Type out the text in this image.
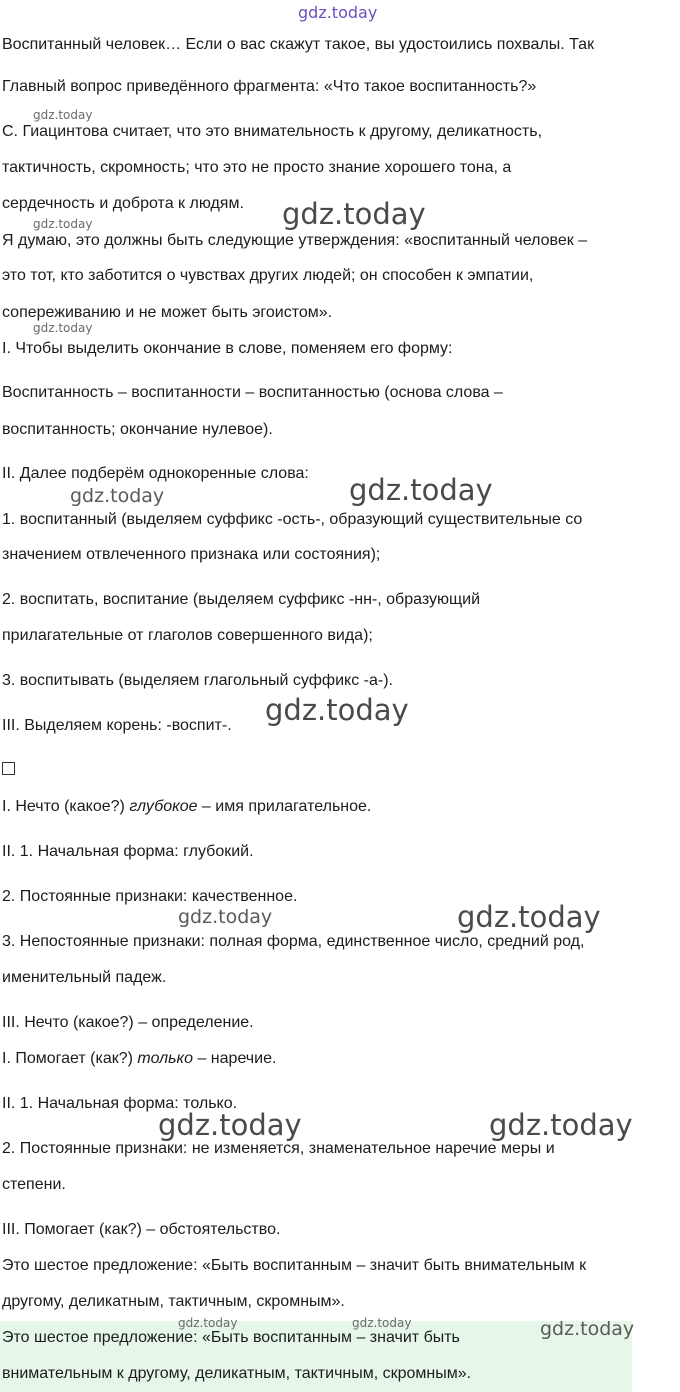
gdz.today
Воспитанный человек… Если о вас скажут такое, вы удостоились похвалы. Так
Главный вопрос приведённого фрагмента: «Что такое воспитанность?»
gdz.today
С. Гиацинтова считает, что это внимательность к другому, деликатность,
тактичность, скромность; что это не просто знание хорошего тона, а
сердечность и доброта к людям. gdz.today
gdz.today
Я думаю, это должны быть следующие утверждения: «воспитанный человек –
это тот, кто заботится о чувствах других людей; он способен к эмпатии,
сопереживанию и не может быть эгоистом».
gdz.today
I. Чтобы выделить окончание в слове, поменяем его форму:
Воспитанность – воспитанности – воспитанностью (основа слова –
воспитанность; окончание нулевое).
II. Далее подберём однокоренные слова:
gdz.today	gdz.today
1. воспитанный (выделяем суффикс -ость-, образующий существительные со
значением отвлеченного признака или состояния);
2. воспитать, воспитание (выделяем суффикс -нн-, образующий
прилагательные от глаголов совершенного вида);
3. воспитывать (выделяем глагольный суффикс -а-).
III. Выделяем корень: -воспит-. gdz.today
I. Нечто (какое?) глубокое – имя прилагательное.
II. 1. Начальная форма: глубокий.
2. Постоянные признаки: качественное.
gdz.today	gdz.today
3. Непостоянные признаки: полная форма, единственное число, средний род,
именительный падеж.
III. Нечто (какое?) – определение.
I. Помогает (как?) только – наречие.
II. 1. Начальная форма: только.
gdz.today	gdz.today
2. Постоянные признаки: не изменяется, знаменательное наречие меры и
степени.
III. Помогает (как?) – обстоятельство.
Это шестое предложение: «Быть воспитанным – значит быть внимательным к
другому, деликатным, тактичным, скромным».
gdz.today	gdz.today	gdz.today
Это шестое предложение: «Быть воспитанным – значит быть
внимательным к другому, деликатным, тактичным, скромным».
